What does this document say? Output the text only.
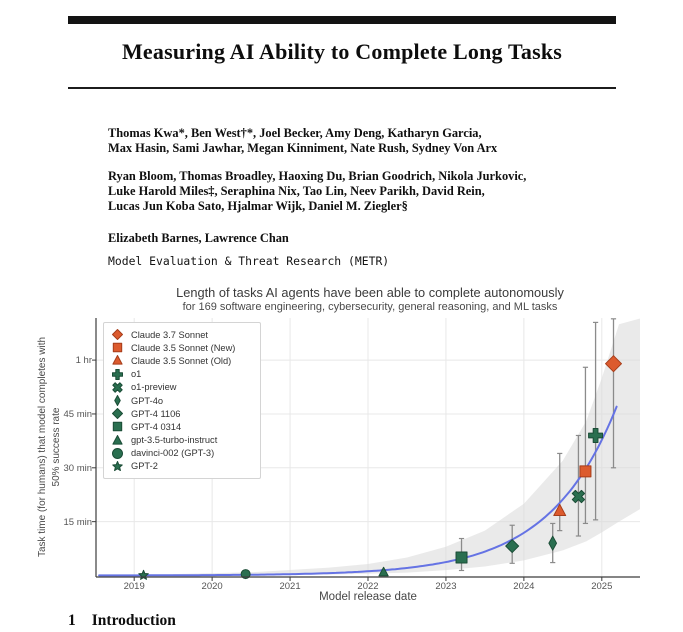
Measuring AI Ability to Complete Long Tasks
Thomas Kwa*, Ben West†*, Joel Becker, Amy Deng, Katharyn Garcia,
Max Hasin, Sami Jawhar, Megan Kinniment, Nate Rush, Sydney Von Arx
Ryan Bloom, Thomas Broadley, Haoxing Du, Brian Goodrich, Nikola Jurkovic,
Luke Harold Miles‡, Seraphina Nix, Tao Lin, Neev Parikh, David Rein,
Lucas Jun Koba Sato, Hjalmar Wijk, Daniel M. Ziegler§
Elizabeth Barnes, Lawrence Chan
Model Evaluation & Threat Research (METR)
Length of tasks AI agents have been able to complete autonomously
for 169 software engineering, cybersecurity, general reasoning, and ML tasks
Task time (for humans) that model completes with 50% success rate
Model release date
Claude 3.7 Sonnet
Claude 3.5 Sonnet (New)
Claude 3.5 Sonnet (Old)
o1
o1-preview
GPT-4o
GPT-4 1106
GPT-4 0314
gpt-3.5-turbo-instruct
davinci-002 (GPT-3)
GPT-2
2019	2020	2021	2022	2023	2024	2025
15 min
30 min
45 min
1 hr
1 Introduction
